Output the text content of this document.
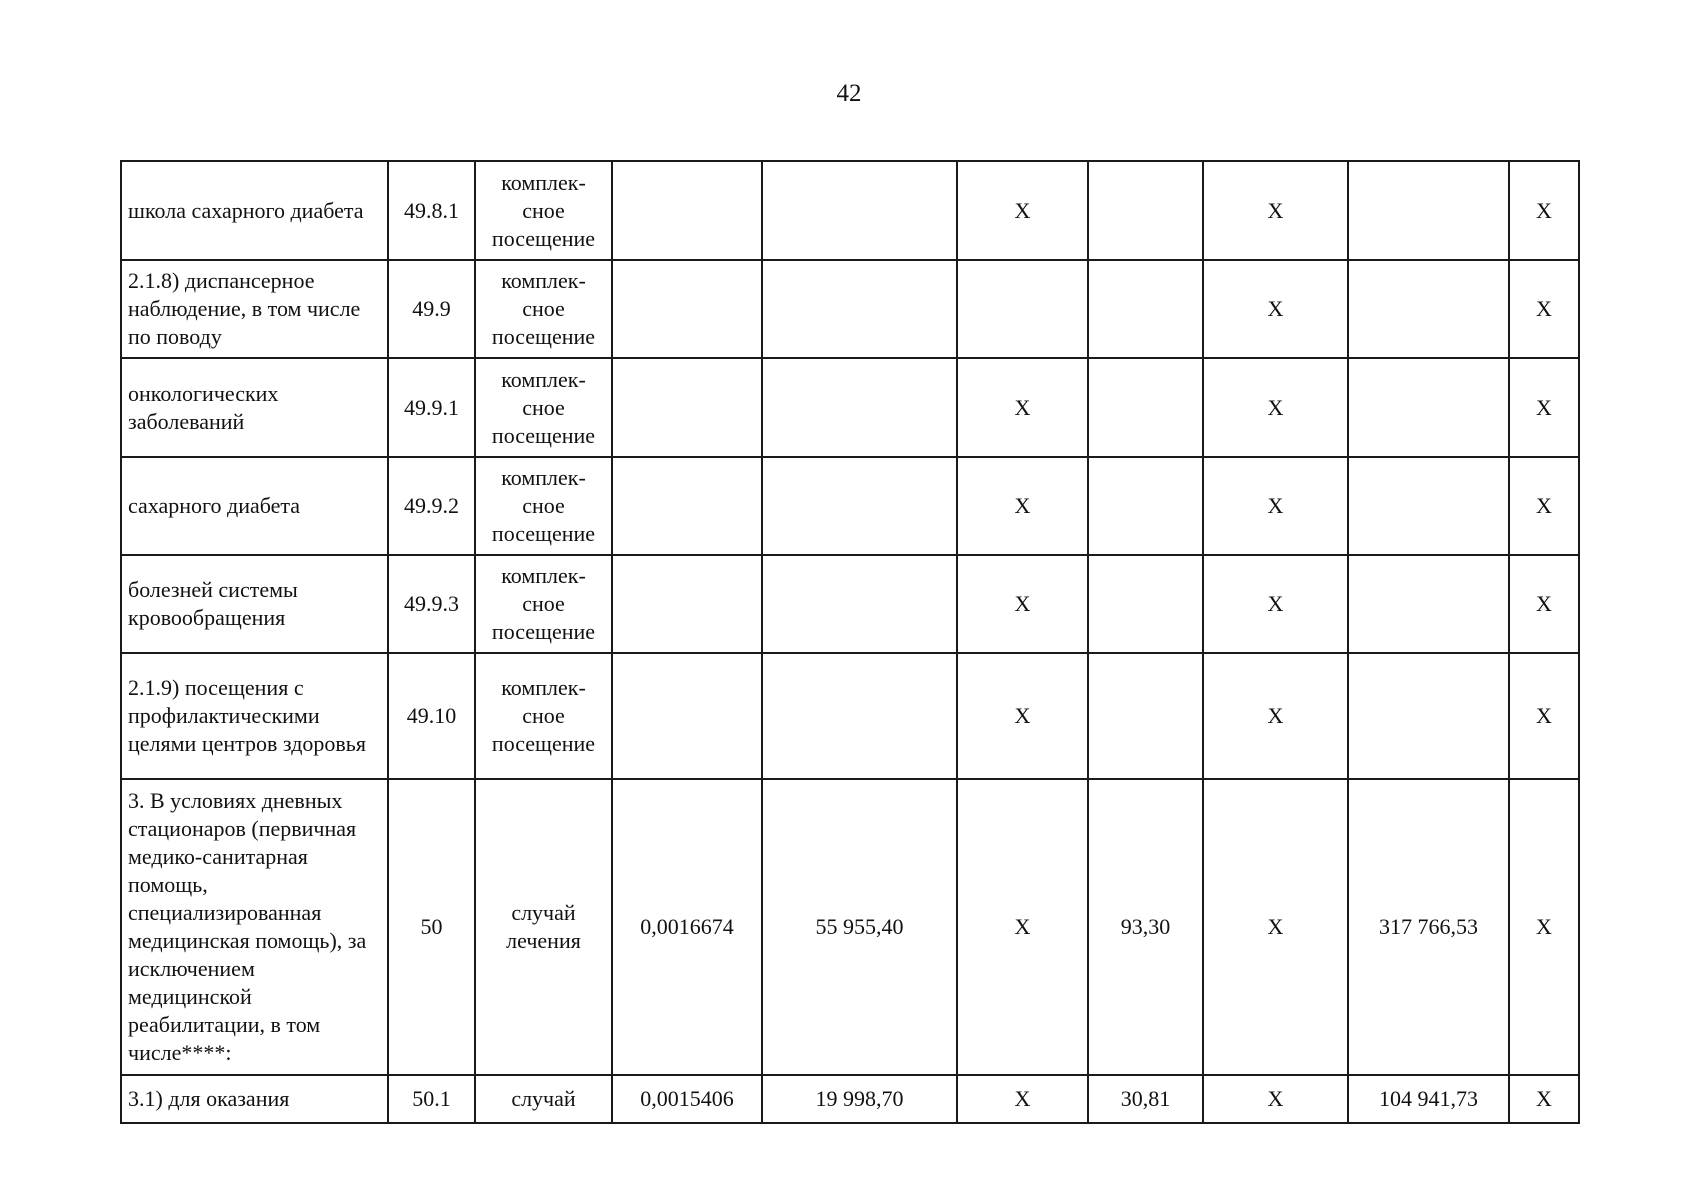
42
школа сахарного диабета	49.8.1	комплек-
сное
посещение			X		X		X
2.1.8) диспансерное наблюдение, в том числе по поводу	49.9	комплек-
сное
посещение					X		X
онкологических заболеваний	49.9.1	комплек-
сное
посещение			X		X		X
сахарного диабета	49.9.2	комплек-
сное
посещение			X		X		X
болезней системы кровообращения	49.9.3	комплек-
сное
посещение			X		X		X
2.1.9) посещения с профилактическими целями центров здоровья	49.10	комплек-
сное
посещение			X		X		X
3. В условиях дневных стационаров (первичная медико-санитарная помощь, специализированная медицинская помощь), за исключением медицинской реабилитации, в том числе****:	50	случай
лечения	0,0016674	55 955,40	X	93,30	X	317 766,53	X
3.1) для оказания	50.1	случай	0,0015406	19 998,70	X	30,81	X	104 941,73	X
